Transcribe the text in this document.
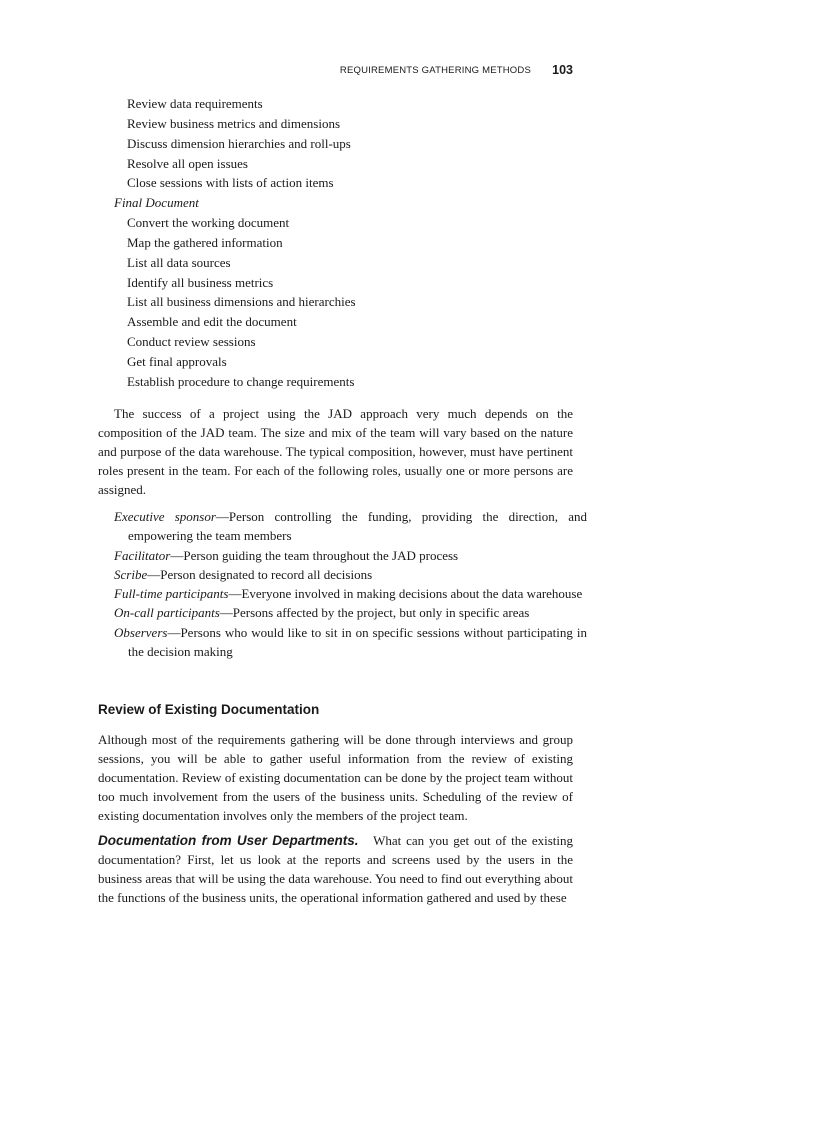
REQUIREMENTS GATHERING METHODS 103
Review data requirements
Review business metrics and dimensions
Discuss dimension hierarchies and roll-ups
Resolve all open issues
Close sessions with lists of action items
Final Document
Convert the working document
Map the gathered information
List all data sources
Identify all business metrics
List all business dimensions and hierarchies
Assemble and edit the document
Conduct review sessions
Get final approvals
Establish procedure to change requirements

The success of a project using the JAD approach very much depends on the composition of the JAD team. The size and mix of the team will vary based on the nature and purpose of the data warehouse. The typical composition, however, must have pertinent roles present in the team. For each of the following roles, usually one or more persons are assigned.

Executive sponsor—Person controlling the funding, providing the direction, and empowering the team members
Facilitator—Person guiding the team throughout the JAD process
Scribe—Person designated to record all decisions
Full-time participants—Everyone involved in making decisions about the data warehouse
On-call participants—Persons affected by the project, but only in specific areas
Observers—Persons who would like to sit in on specific sessions without participating in the decision making
Review of Existing Documentation

Although most of the requirements gathering will be done through interviews and group sessions, you will be able to gather useful information from the review of existing documentation. Review of existing documentation can be done by the project team without too much involvement from the users of the business units. Scheduling of the review of existing documentation involves only the members of the project team.

Documentation from User Departments. What can you get out of the existing documentation? First, let us look at the reports and screens used by the users in the business areas that will be using the data warehouse. You need to find out everything about the functions of the business units, the operational information gathered and used by these
